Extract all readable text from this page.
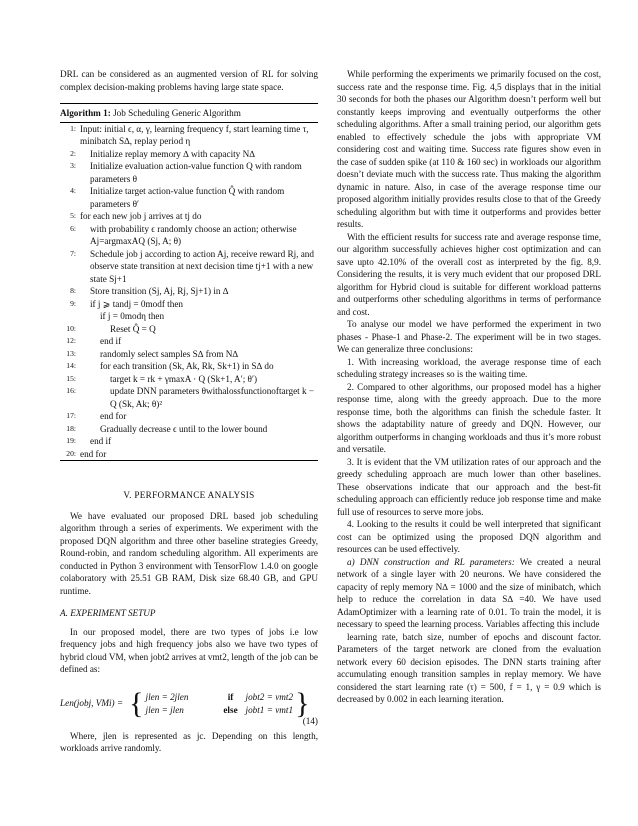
DRL can be considered as an augmented version of RL for solving complex decision-making problems having large state space.

Algorithm 1: Job Scheduling Generic Algorithm
1: Input: initial ϵ, α, γ, learning frequency f, start learning time τ, minibatch S∆, replay period η
2:	Initialize replay memory ∆ with capacity N∆
3:	Initialize evaluation action-value function Q with random parameters θ
4:	Initialize target action-value function Q̂ with random parameters θ′
5: for each new job j arrives at tj do
6:	with probability ϵ randomly choose an action; otherwise Aj=argmaxAQ (Sj, A; θ)
7:	Schedule job j according to action Aj, receive reward Rj, and observe state transition at next decision time tj+1 with a new state Sj+1
8:	Store transition (Sj, Aj, Rj, Sj+1) in ∆
9:	if j ⩾ tandj = 0modf then
if j = 0modη then
10:	Reset Q̂ = Q
12:	end if
13:	randomly select samples S∆ from N∆
14:	for each transition (Sk, Ak, Rk, Sk+1) in S∆ do
15:	target k = rk + γmaxA · Q (Sk+1, A′; θ′)
16:	update DNN parameters θwithalossfunctionoftarget k − Q (Sk, Ak; θ)²
17:	end for
18:	Gradually decrease ϵ until to the lower bound
19:	end if
20: end for
V. PERFORMANCE ANALYSIS

We have evaluated our proposed DRL based job scheduling algorithm through a series of experiments. We experiment with the proposed DQN algorithm and three other baseline strategies Greedy, Round-robin, and random scheduling algorithm. All experiments are conducted in Python 3 environment with TensorFlow 1.4.0 on google colaboratory with 25.51 GB RAM, Disk size 68.40 GB, and GPU runtime.

A. EXPERIMENT SETUP

In our proposed model, there are two types of jobs i.e low frequency jobs and high frequency jobs also we have two types of hybrid cloud VM, when jobt2 arrives at vmt2, length of the job can be defined as:

Len(jobj, VMi) = { jlen = 2jlen	if	jobt2 = vmt2
jlen = jlen	else jobt1 = vmt1 }
(14)

Where, jlen is represented as jc. Depending on this length, workloads arrive randomly.

While performing the experiments we primarily focused on the cost, success rate and the response time. Fig. 4,5 displays that in the initial 30 seconds for both the phases our Algorithm doesn’t perform well but constantly keeps improving and eventually outperforms the other scheduling algorithms. After a small training period, our algorithm gets enabled to effectively schedule the jobs with appropriate VM considering cost and waiting time. Success rate figures show even in the case of sudden spike (at 110 & 160 sec) in workloads our algorithm doesn’t deviate much with the success rate. Thus making the algorithm dynamic in nature. Also, in case of the average response time our proposed algorithm initially provides results close to that of the Greedy scheduling algorithm but with time it outperforms and provides better results.

With the efficient results for success rate and average response time, our algorithm successfully achieves higher cost optimization and can save upto 42.10% of the overall cost as interpreted by the fig. 8,9. Considering the results, it is very much evident that our proposed DRL algorithm for Hybrid cloud is suitable for different workload patterns and outperforms other scheduling algorithms in terms of performance and cost.

To analyse our model we have performed the experiment in two phases - Phase-1 and Phase-2. The experiment will be in two stages. We can generalize three conclusions:

1. With increasing workload, the average response time of each scheduling strategy increases so is the waiting time.

2. Compared to other algorithms, our proposed model has a higher response time, along with the greedy approach. Due to the more response time, both the algorithms can finish the schedule faster. It shows the adaptability nature of greedy and DQN. However, our algorithm outperforms in changing workloads and thus it’s more robust and versatile.

3. It is evident that the VM utilization rates of our approach and the greedy scheduling approach are much lower than other baselines. These observations indicate that our approach and the best-fit scheduling approach can efficiently reduce job response time and make full use of resources to serve more jobs.

4. Looking to the results it could be well interpreted that significant cost can be optimized using the proposed DQN algorithm and resources can be used effectively.

a) DNN construction and RL parameters: We created a neural network of a single layer with 20 neurons. We have considered the capacity of reply memory N∆ = 1000 and the size of minibatch, which help to reduce the correlation in data S∆ =40. We have used AdamOptimizer with a learning rate of 0.01. To train the model, it is necessary to speed the learning process. Variables affecting this include

learning rate, batch size, number of epochs and discount factor. Parameters of the target network are cloned from the evaluation network every 60 decision episodes. The DNN starts training after accumulating enough transition samples in replay memory. We have considered the start learning rate (τ) = 500, f = 1, γ = 0.9 which is decreased by 0.002 in each learning iteration.
